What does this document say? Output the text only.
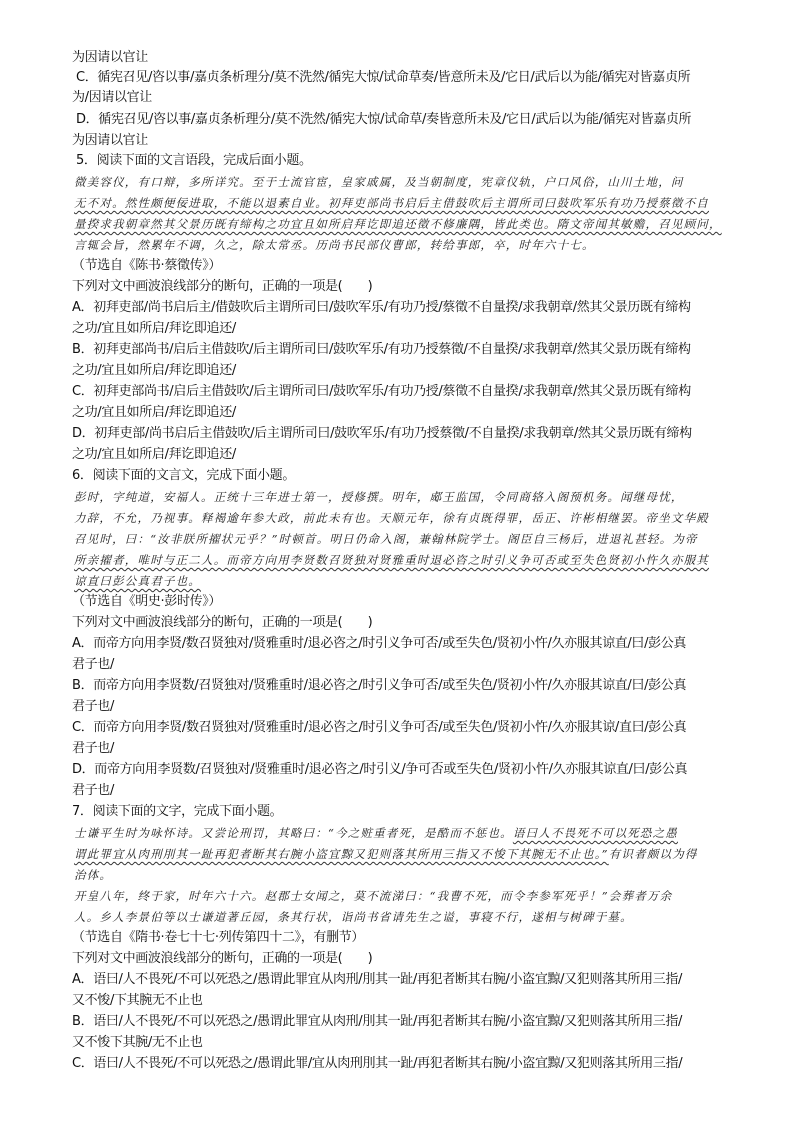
为因请以官让
C．循宪召见/咨以事/嘉贞条析理分/莫不洗然/循宪大惊/试命草奏/皆意所未及/它日/武后以为能/循宪对皆嘉贞所
为/因请以官让
D．循宪召见/咨以事/嘉贞条析理分/莫不洗然/循宪大惊/试命草/奏皆意所未及/它日/武后以为能/循宪对皆嘉贞所
为因请以官让
5．阅读下面的文言语段，完成后面小题。
微美容仪，有口辩，多所详究。至于士流官宦，皇家戚属，及当朝制度，宪章仪轨，户口风俗，山川土地，问
无不对。然性颇便佞进取，不能以退素自业。初拜吏部尚书启后主借鼓吹后主谓所司曰鼓吹军乐有功乃授蔡徵不自
量揆求我朝章然其父景历既有缔构之功宜且如所启拜讫即追还徵不修廉隅，皆此类也。隋文帝闻其敏赡，召见顾问，
言辄会旨，然累年不调，久之，除太常丞。历尚书民部仪曹郎，转给事郎，卒，时年六十七。
（节选自《陈书·蔡徵传》）
下列对文中画波浪线部分的断句，正确的一项是(　　)
A．初拜吏部/尚书启后主/借鼓吹后主谓所司曰/鼓吹军乐/有功乃授/蔡徵不自量揆/求我朝章/然其父景历既有缔构
之功/宜且如所启/拜讫即追还/
B．初拜吏部尚书/启后主借鼓吹/后主谓所司曰/鼓吹军乐/有功乃授蔡徵/不自量揆/求我朝章/然其父景历既有缔构
之功/宜且如所启/拜讫即追还/
C．初拜吏部尚书/启后主借鼓吹/后主谓所司曰/鼓吹军乐/有功乃授/蔡徵不自量揆/求我朝章/然其父景历既有缔构
之功/宜且如所启/拜讫即追还/
D．初拜吏部/尚书启后主借鼓吹/后主谓所司曰/鼓吹军乐/有功乃授蔡徵/不自量揆/求我朝章/然其父景历既有缔构
之功/宜且如所启/拜讫即追还/
6．阅读下面的文言文，完成下面小题。
彭时，字纯道，安福人。正统十三年进士第一，授修撰。明年，郕王监国，令同商辂入阁预机务。闻继母忧，
力辞，不允，乃视事。释褐逾年参大政，前此未有也。天顺元年，徐有贞既得罪，岳正、许彬相继罢。帝坐文华殿
召见时，曰：“汝非朕所擢状元乎？”时顿首。明日仍命入阁，兼翰林院学士。阁臣自三杨后，进退礼甚轻。为帝
所亲擢者，唯时与正二人。而帝方向用李贤数召贤独对贤雅重时退必咨之时引义争可否或至失色贤初小忤久亦服其
谅直曰彭公真君子也。
（节选自《明史·彭时传》）
下列对文中画波浪线部分的断句，正确的一项是(　　)
A．而帝方向用李贤/数召贤独对/贤雅重时/退必咨之/时引义争可否/或至失色/贤初小忤/久亦服其谅直/曰/彭公真
君子也/
B．而帝方向用李贤数/召贤独对/贤雅重时/退必咨之/时引义争可否/或至失色/贤初小忤/久亦服其谅直/曰/彭公真
君子也/
C．而帝方向用李贤/数召贤独对/贤雅重时/退必咨之/时引义争可否/或至失色/贤初小忤/久亦服其谅/直曰/彭公真
君子也/
D．而帝方向用李贤数/召贤独对/贤雅重时/退必咨之/时引义/争可否或至失色/贤初小忤/久亦服其谅直/曰/彭公真
君子也/
7．阅读下面的文字，完成下面小题。
士谦平生时为咏怀诗。又尝论刑罚，其略曰：“今之赃重者死，是酷而不惩也。语曰人不畏死不可以死恐之愚
谓此罪宜从肉刑刖其一趾再犯者断其右腕小盗宜黥又犯则落其所用三指又不悛下其腕无不止也。”有识者颇以为得
治体。
开皇八年，终于家，时年六十六。赵郡士女闻之，莫不流涕曰：“我曹不死，而令李参军死乎！”会葬者万余
人。乡人李景伯等以士谦道著丘园，条其行状，诣尚书省请先生之谥，事寝不行，遂相与树碑于墓。
（节选自《隋书·卷七十七·列传第四十二》，有删节）
下列对文中画波浪线部分的断句，正确的一项是(　　)
A．语曰/人不畏死/不可以死恐之/愚谓此罪宜从肉刑/刖其一趾/再犯者断其右腕/小盗宜黥/又犯则落其所用三指/
又不悛/下其腕无不止也
B．语曰/人不畏死/不可以死恐之/愚谓此罪宜从肉刑/刖其一趾/再犯者断其右腕/小盗宜黥/又犯则落其所用三指/
又不悛下其腕/无不止也
C．语曰/人不畏死/不可以死恐之/愚谓此罪/宜从肉刑刖其一趾/再犯者断其右腕/小盗宜黥/又犯则落其所用三指/
